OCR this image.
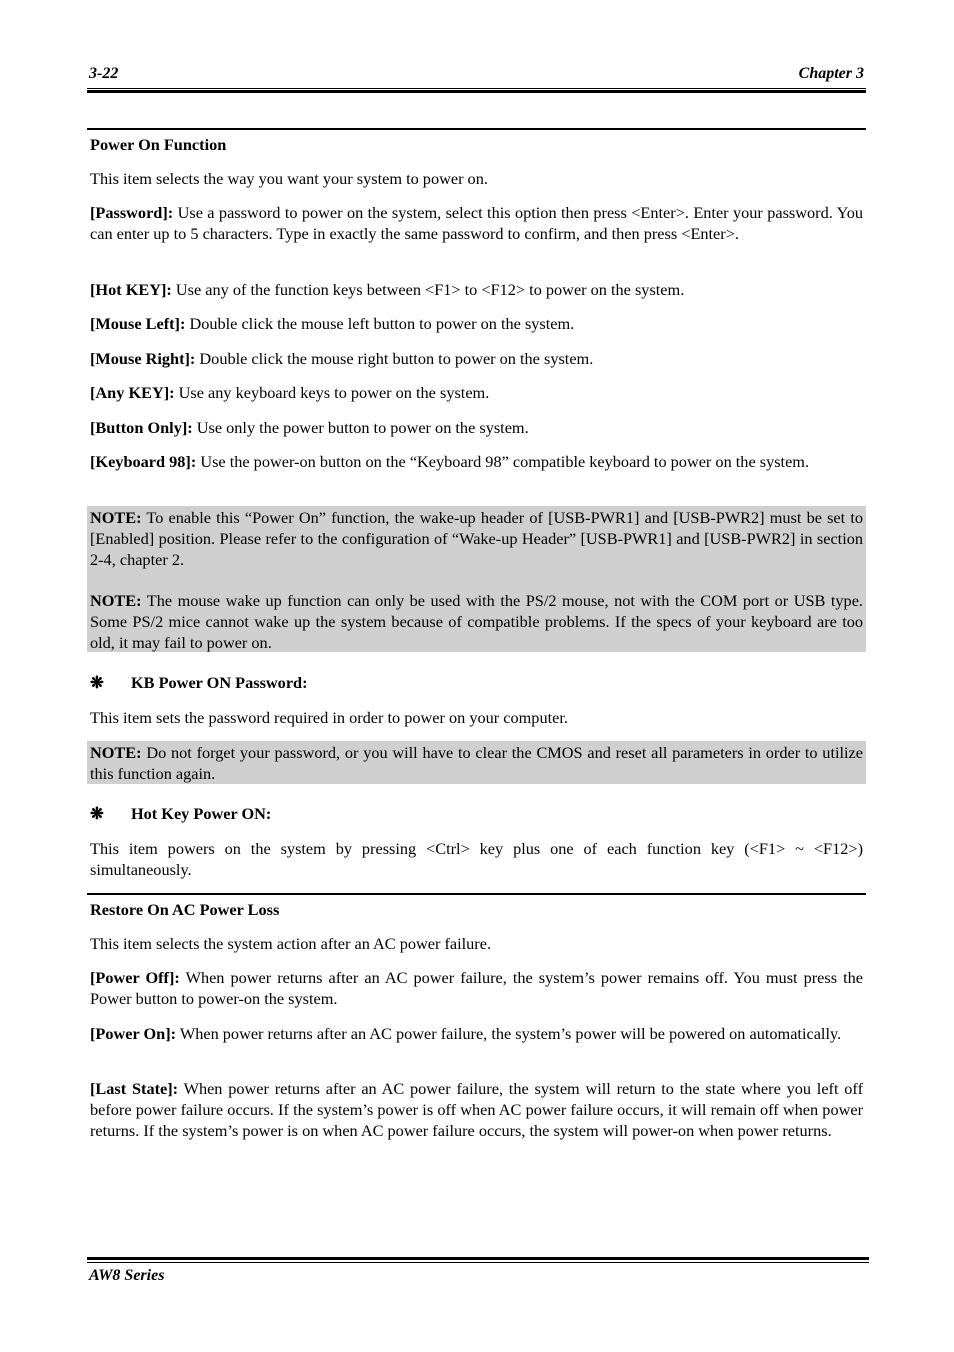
3-22	Chapter 3

Power On Function

This item selects the way you want your system to power on.

[Password]: Use a password to power on the system, select this option then press <Enter>. Enter your password. You can enter up to 5 characters. Type in exactly the same password to confirm, and then press <Enter>.

[Hot KEY]: Use any of the function keys between <F1> to <F12> to power on the system.

[Mouse Left]: Double click the mouse left button to power on the system.

[Mouse Right]: Double click the mouse right button to power on the system.

[Any KEY]: Use any keyboard keys to power on the system.

[Button Only]: Use only the power button to power on the system.

[Keyboard 98]: Use the power-on button on the “Keyboard 98” compatible keyboard to power on the system.

NOTE: To enable this “Power On” function, the wake-up header of [USB-PWR1] and [USB-PWR2] must be set to [Enabled] position. Please refer to the configuration of “Wake-up Header” [USB-PWR1] and [USB-PWR2] in section 2-4, chapter 2.

NOTE: The mouse wake up function can only be used with the PS/2 mouse, not with the COM port or USB type. Some PS/2 mice cannot wake up the system because of compatible problems. If the specs of your keyboard are too old, it may fail to power on.

❋ KB Power ON Password:

This item sets the password required in order to power on your computer.

NOTE: Do not forget your password, or you will have to clear the CMOS and reset all parameters in order to utilize this function again.

❋ Hot Key Power ON:

This item powers on the system by pressing <Ctrl> key plus one of each function key (<F1> ~ <F12>) simultaneously.

Restore On AC Power Loss

This item selects the system action after an AC power failure.

[Power Off]: When power returns after an AC power failure, the system’s power remains off. You must press the Power button to power-on the system.

[Power On]: When power returns after an AC power failure, the system’s power will be powered on automatically.

[Last State]: When power returns after an AC power failure, the system will return to the state where you left off before power failure occurs. If the system’s power is off when AC power failure occurs, it will remain off when power returns. If the system’s power is on when AC power failure occurs, the system will power-on when power returns.

AW8 Series
